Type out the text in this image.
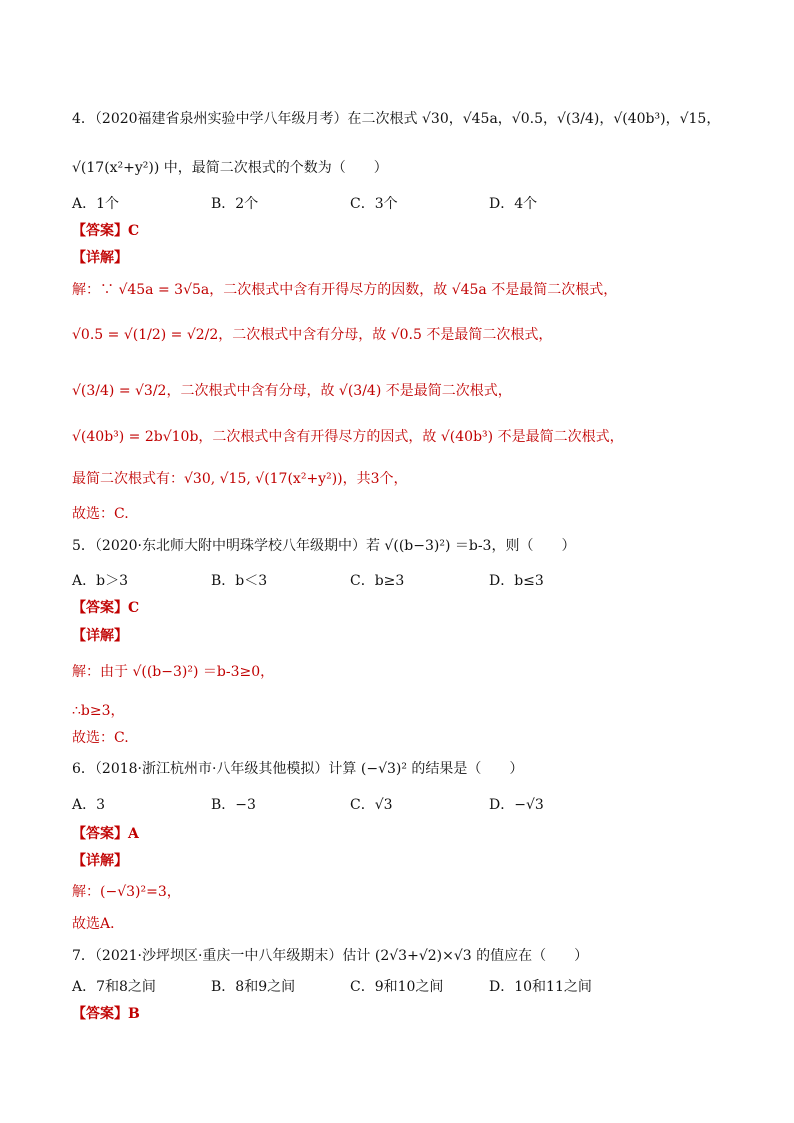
4．（2020福建省泉州实验中学八年级月考）在二次根式 √30，√45a，√0.5，√(3/4)，√(40b³)，√15，
√(17(x²+y²)) 中，最简二次根式的个数为（　　）
A．1个	B．2个	C．3个	D．4个
【答案】C
【详解】
解：∵ √45a = 3√5a，二次根式中含有开得尽方的因数，故 √45a 不是最简二次根式，
√0.5 = √(1/2) = √2/2，二次根式中含有分母，故 √0.5 不是最简二次根式，
√(3/4) = √3/2，二次根式中含有分母，故 √(3/4) 不是最简二次根式，
√(40b³) = 2b√10b，二次根式中含有开得尽方的因式，故 √(40b³) 不是最简二次根式，
最简二次根式有：√30, √15, √(17(x²+y²))，共3个，
故选：C.
5．（2020·东北师大附中明珠学校八年级期中）若 √((b−3)²) ＝b-3，则（　　）
A．b＞3	B．b＜3	C．b≥3	D．b≤3
【答案】C
【详解】
解：由于 √((b−3)²) ＝b-3≥0，
∴b≥3，
故选：C.
6．（2018·浙江杭州市·八年级其他模拟）计算 (−√3)² 的结果是（　　）
A．3	B．−3	C．√3	D．−√3
【答案】A
【详解】
解：(−√3)²=3，
故选A．
7．（2021·沙坪坝区·重庆一中八年级期末）估计 (2√3+√2)×√3 的值应在（　　）
A．7和8之间	B．8和9之间	C．9和10之间	D．10和11之间
【答案】B
